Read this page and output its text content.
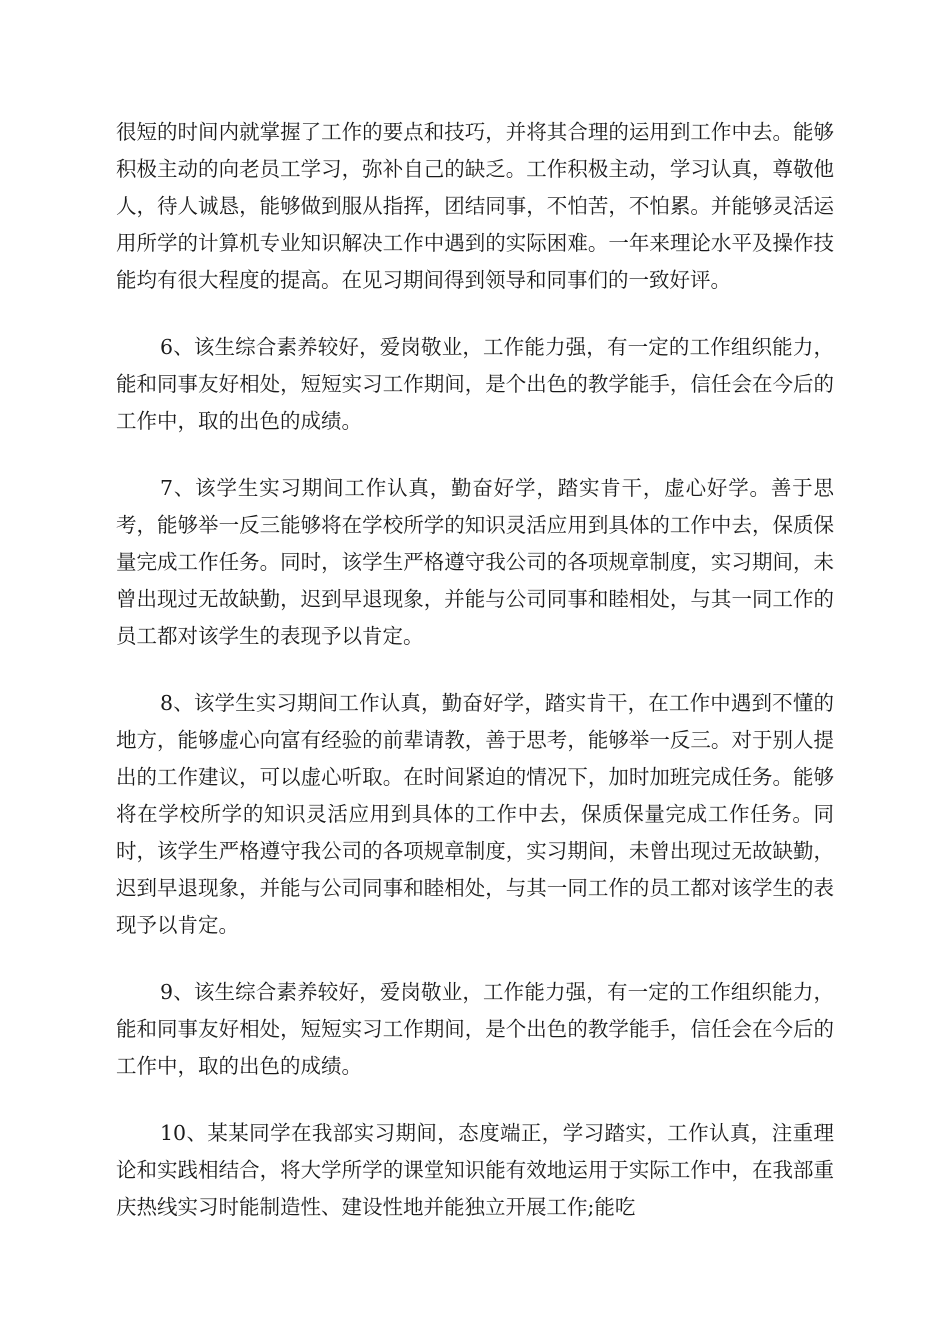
很短的时间内就掌握了工作的要点和技巧，并将其合理的运用到工作中去。能够积极主动的向老员工学习，弥补自己的缺乏。工作积极主动，学习认真，尊敬他人，待人诚恳，能够做到服从指挥，团结同事，不怕苦，不怕累。并能够灵活运用所学的计算机专业知识解决工作中遇到的实际困难。一年来理论水平及操作技能均有很大程度的提高。在见习期间得到领导和同事们的一致好评。

6、该生综合素养较好，爱岗敬业，工作能力强，有一定的工作组织能力，能和同事友好相处，短短实习工作期间，是个出色的教学能手，信任会在今后的工作中，取的出色的成绩。

7、该学生实习期间工作认真，勤奋好学，踏实肯干，虚心好学。善于思考，能够举一反三能够将在学校所学的知识灵活应用到具体的工作中去，保质保量完成工作任务。同时，该学生严格遵守我公司的各项规章制度，实习期间，未曾出现过无故缺勤，迟到早退现象，并能与公司同事和睦相处，与其一同工作的员工都对该学生的表现予以肯定。

8、该学生实习期间工作认真，勤奋好学，踏实肯干，在工作中遇到不懂的地方，能够虚心向富有经验的前辈请教，善于思考，能够举一反三。对于别人提出的工作建议，可以虚心听取。在时间紧迫的情况下，加时加班完成任务。能够将在学校所学的知识灵活应用到具体的工作中去，保质保量完成工作任务。同时，该学生严格遵守我公司的各项规章制度，实习期间，未曾出现过无故缺勤，迟到早退现象，并能与公司同事和睦相处，与其一同工作的员工都对该学生的表现予以肯定。

9、该生综合素养较好，爱岗敬业，工作能力强，有一定的工作组织能力，能和同事友好相处，短短实习工作期间，是个出色的教学能手，信任会在今后的工作中，取的出色的成绩。

10、某某同学在我部实习期间，态度端正，学习踏实，工作认真，注重理论和实践相结合，将大学所学的课堂知识能有效地运用于实际工作中，在我部重庆热线实习时能制造性、建设性地并能独立开展工作;能吃
